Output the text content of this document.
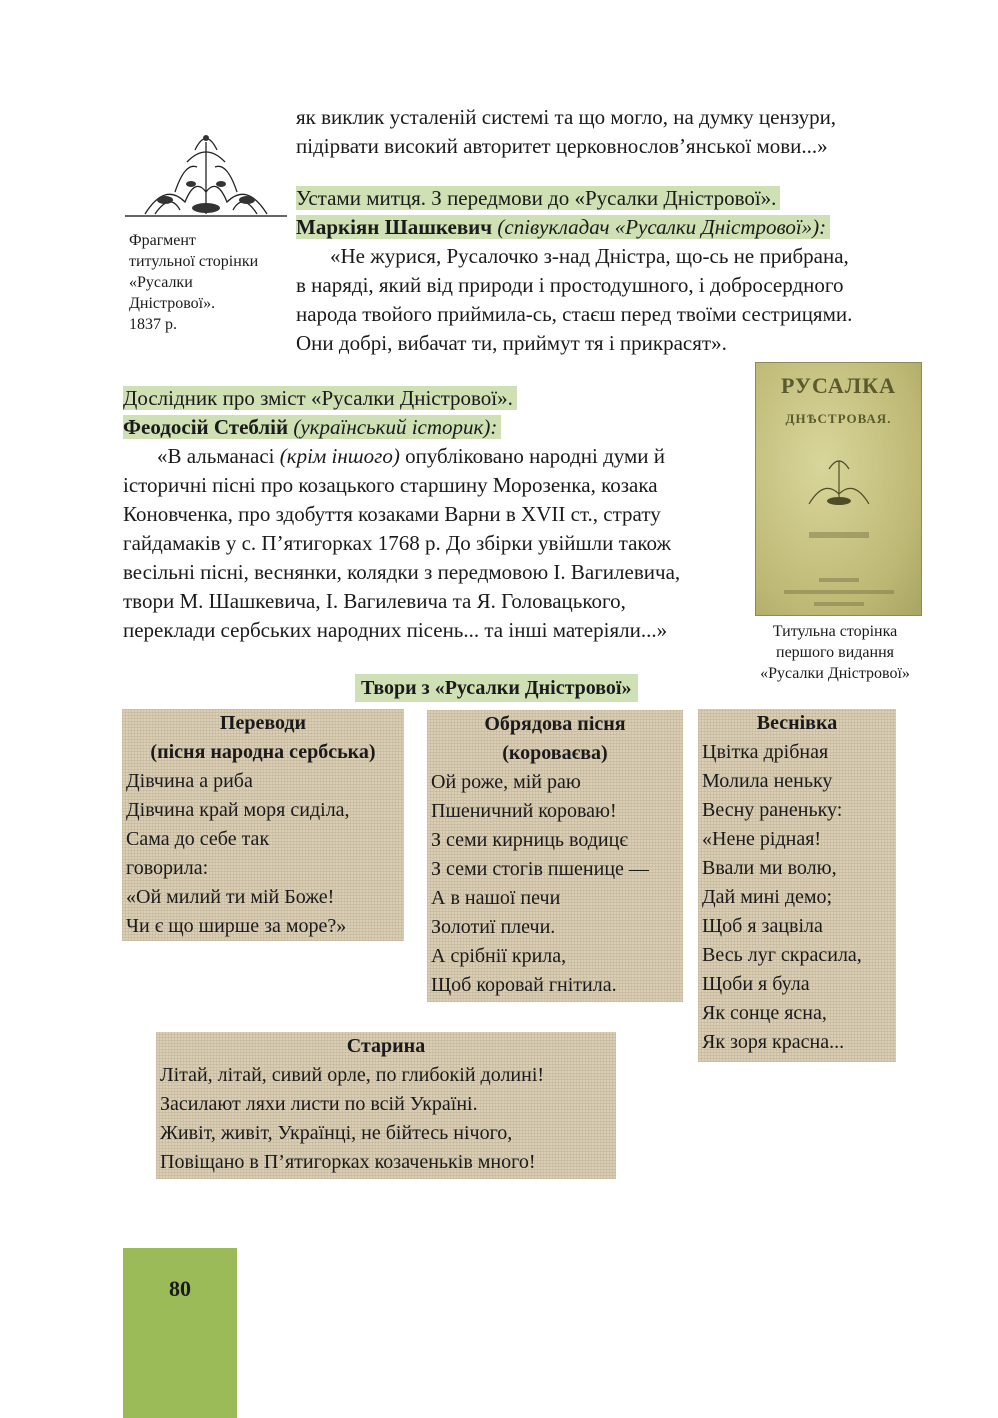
як виклик усталеній системі та що могло, на думку цензури,

підірвати високий авторитет церковнослов’янської мови...»

Фрагмент
титульної сторінки
«Русалки
Дністрової».
1837 р.

Устами митця. З передмови до «Русалки Дністрової».

Маркіян Шашкевич (співукладач «Русалки Дністрової»):

«Не журися, Русалочко з-над Дністра, що-сь не прибрана,

в наряді, який від природи і простодушного, і добросердного

народа твойого приймила-сь, стаєш перед твоїми сестрицями.

Они добрі, вибачат ти, приймут тя і прикрасят».

Дослідник про зміст «Русалки Дністрової».

Феодосій Стеблій (український історик):

«В альманасі (крім іншого) опубліковано народні думи й

історичні пісні про козацького старшину Морозенка, козака

Коновченка, про здобуття козаками Варни в XVII ст., страту

гайдамаків у с. П’ятигорках 1768 р. До збірки увійшли також

весільні пісні, веснянки, колядки з передмовою І. Вагилевича,

твори М. Шашкевича, І. Вагилевича та Я. Головацького,

переклади сербських народних пісень... та інші матеріяли...»

РУСАЛКА
ДНѢСТРОВАЯ.
Титульна сторінка
першого видання
«Русалки Дністрової»
Твори з «Русалки Дністрової»
Переводи
(пісня народна сербська)
Дівчина а риба
Дівчина край моря сиділа,
Сама до себе так
говорила:
«Ой милий ти мій Боже!
Чи є що ширше за море?»
Обрядова пісня
(короваєва)
Ой роже, мій раю
Пшеничний короваю!
З семи кирниць водицє
З семи стогів пшенице —
А в нашої печи
Золотиї плечи.
А срібнії крила,
Щоб коровай гнітила.
Веснівка
Цвітка дрібная
Молила неньку
Весну раненьку:
«Нене рідная!
Ввали ми волю,
Дай мині демо;
Щоб я зацвіла
Весь луг скрасила,
Щоби я була
Як сонце ясна,
Як зоря красна...
Старина
Літай, літай, сивий орле, по глибокій долині!
Засилают ляхи листи по всій Україні.
Живіт, живіт, Українці, не бійтесь нічого,
Повіщано в П’ятигорках козаченьків много!
80
